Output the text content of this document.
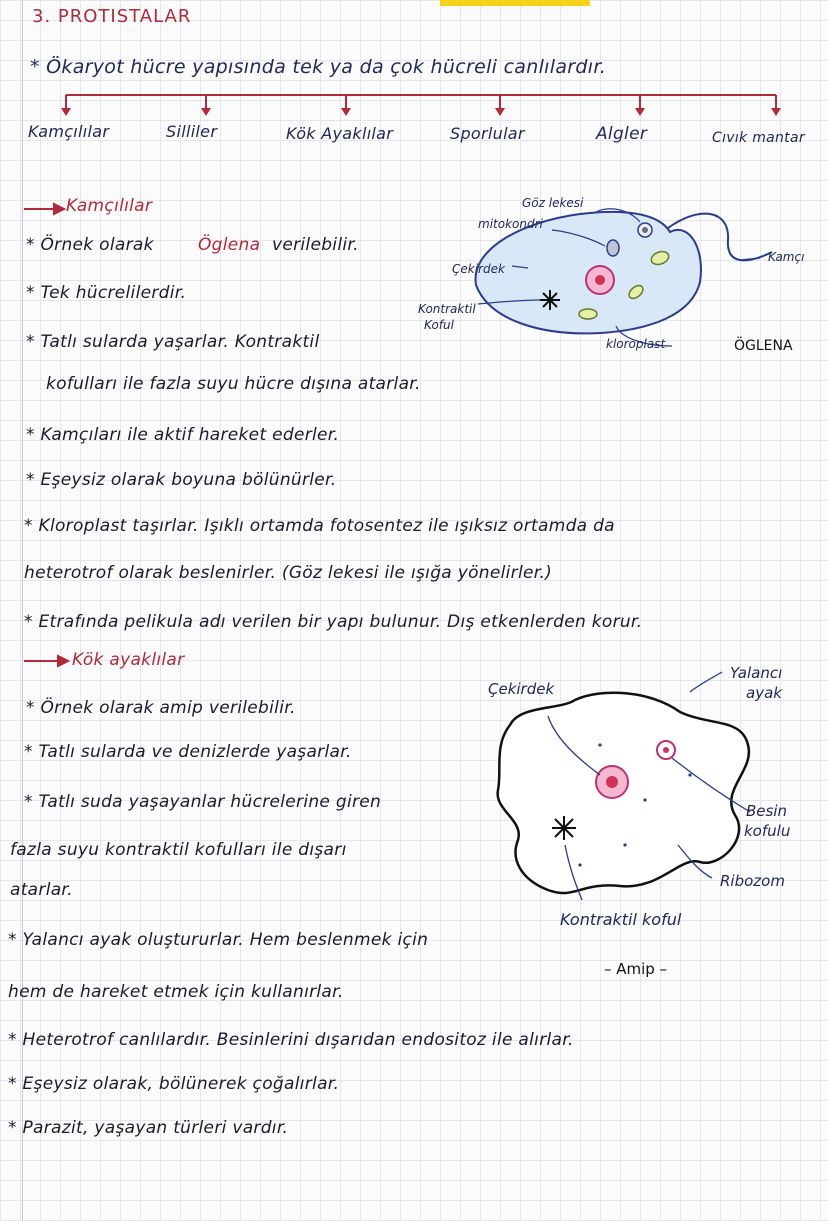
3. PROTISTALAR
* Ökaryot hücre yapısında tek ya da çok hücreli canlılardır.
Kamçılılar	Silliler	Kök Ayaklılar	Sporlular	Algler	Cıvık mantar
Kamçılılar
* Örnek olarak	Öglena verilebilir.
* Tek hücrelilerdir.
* Tatlı sularda yaşarlar. Kontraktil
kofulları ile fazla suyu hücre dışına atarlar.
* Kamçıları ile aktif hareket ederler.
* Eşeysiz olarak boyuna bölünürler.
* Kloroplast taşırlar. Işıklı ortamda fotosentez ile ışıksız ortamda da
heterotrof olarak beslenirler. (Göz lekesi ile ışığa yönelirler.)
* Etrafında pelikula adı verilen bir yapı bulunur. Dış etkenlerden korur.
Göz lekesi
mitokondri
Çekirdek
Kontraktil
Koful
kloroplast
Kamçı
ÖGLENA
Kök ayaklılar
* Örnek olarak amip verilebilir.
* Tatlı sularda ve denizlerde yaşarlar.
* Tatlı suda yaşayanlar hücrelerine giren
fazla suyu kontraktil kofulları ile dışarı
atarlar.
* Yalancı ayak oluştururlar. Hem beslenmek için
hem de hareket etmek için kullanırlar.
* Heterotrof canlılardır. Besinlerini dışarıdan endositoz ile alırlar.
* Eşeysiz olarak, bölünerek çoğalırlar.
* Parazit, yaşayan türleri vardır.
Çekirdek
Yalancı
ayak
Besin
kofulu
Ribozom
Kontraktil koful
– Amip –
